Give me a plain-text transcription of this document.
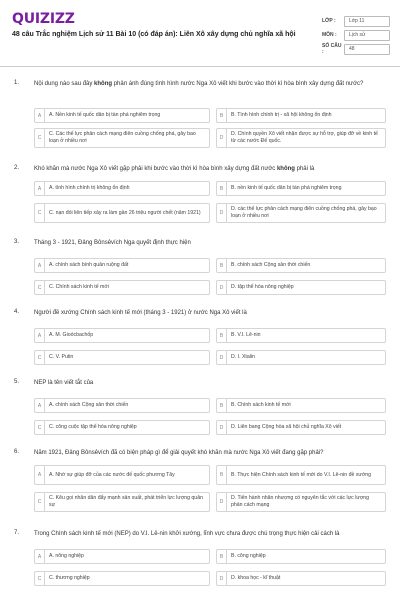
QUIZIZZ
48 câu Trắc nghiệm Lịch sử 11 Bài 10 (có đáp án): Liên Xô xây dựng chủ nghĩa xã hội
LỚP :	Lớp 11
MÔN :	Lịch sử
SỐ CÂU :	48
1. Nội dung nào sau đây không phản ánh đúng tình hình nước Nga Xô viết khi bước vào thời kì hòa bình xây dựng đất nước?
A	A. Nền kinh tế quốc dân bị tàn phá nghiêm trọng	B	B. Tình hình chính trị - xã hội không ổn định
C
C. Các thế lực phản cách mạng điên cuồng chống phá, gây bao loạn ở nhiều nơi	D
D. Chính quyền Xô viết nhận được sự hỗ trợ, giúp đỡ về kinh tế từ các nước Đế quốc.
2. Khó khăn mà nước Nga Xô viết gặp phải khi bước vào thời kì hòa bình xây dựng đất nước không phải là
A	A. tình hình chính trị không ổn định	B	B. nền kinh tế quốc dân bị tàn phá nghiêm trọng
C	C. nạn đói liên tiếp xảy ra làm gần 26 triệu người chết (năm 1921)	D
D. các thế lực phản cách mạng điên cuồng chống phá, gây bạo loạn ở nhiều nơi
3. Tháng 3 - 1921, Đảng Bônsêvích Nga quyết định thực hiện
A	A. chính sách bình quân ruộng đất	B	B. chính sách Cộng sản thời chiến
C	C. Chính sách kinh tế mới	D	D. tập thể hóa nông nghiệp
4. Người đề xướng Chính sách kinh tế mới (tháng 3 - 1921) ở nước Nga Xô viết là
A	A. M. Gioócbachốp	B	B. V.I. Lê-nin
C	C. V. Putin	D	D. I. Xtalin
5. NEP là tên viết tắt của
A	A. chính sách Cộng sản thời chiến	B	B. Chính sách kinh tế mới
C	C. công cuộc tập thể hóa nông nghiệp	D	D. Liên bang Cộng hòa xã hội chủ nghĩa Xô viết
6. Năm 1921, Đảng Bônsêvích đã có biện pháp gì để giải quyết khó khăn mà nước Nga Xô viết đang gặp phải?
A	A. Nhờ sự giúp đỡ của các nước đế quốc phương Tây	B	B. Thực hiện Chính sách kinh tế mới do V.I. Lê-nin đề xướng
C
C. Kêu gọi nhân dân đẩy mạnh sản xuất, phát triển lực lượng quân sự	D
D. Tiến hành nhân nhượng có nguyên tắc với các lực lượng phản cách mạng
7. Trong Chính sách kinh tế mới (NEP) do V.I. Lê-nin khởi xướng, lĩnh vực chưa được chú trọng thực hiện cải cách là
A	A. nông nghiệp	B	B. công nghiệp
C	C. thương nghiệp	D	D. khoa học - kĩ thuật
